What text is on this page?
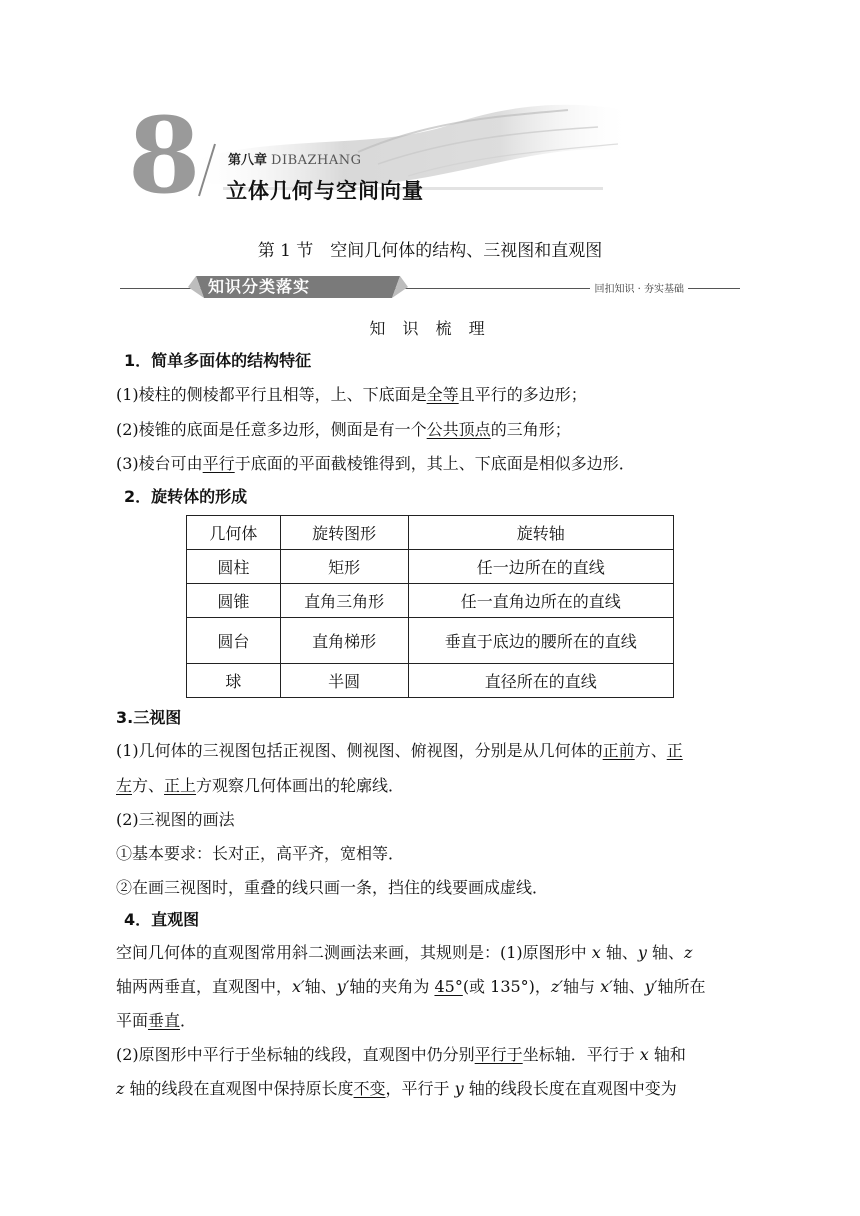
8 第八章 DIBAZHANG
立体几何与空间向量
第 1 节　空间几何体的结构、三视图和直观图
知识分类落实	回扣知识 · 夯实基础
知 识 梳 理
1．简单多面体的结构特征
(1)棱柱的侧棱都平行且相等，上、下底面是全等且平行的多边形；
(2)棱锥的底面是任意多边形，侧面是有一个公共顶点的三角形；
(3)棱台可由平行于底面的平面截棱锥得到，其上、下底面是相似多边形．
2．旋转体的形成
几何体	旋转图形	旋转轴
圆柱	矩形	任一边所在的直线
圆锥	直角三角形	任一直角边所在的直线
圆台	直角梯形	垂直于底边的腰所在的直线
球	半圆	直径所在的直线
3.三视图
(1)几何体的三视图包括正视图、侧视图、俯视图，分别是从几何体的正前方、正
左方、正上方观察几何体画出的轮廓线．
(2)三视图的画法
①基本要求：长对正，高平齐，宽相等．
②在画三视图时，重叠的线只画一条，挡住的线要画成虚线．
4．直观图
空间几何体的直观图常用斜二测画法来画，其规则是：(1)原图形中 x 轴、y 轴、z
轴两两垂直，直观图中，x′轴、y′轴的夹角为 45°(或 135°)，z′轴与 x′轴、y′轴所在
平面垂直．
(2)原图形中平行于坐标轴的线段，直观图中仍分别平行于坐标轴．平行于 x 轴和
z 轴的线段在直观图中保持原长度不变，平行于 y 轴的线段长度在直观图中变为
